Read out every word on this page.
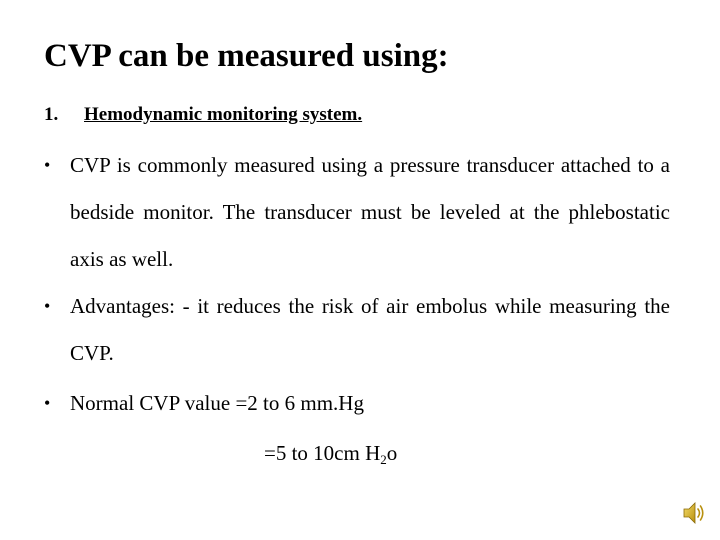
CVP can be measured using:
1. Hemodynamic monitoring system.
• CVP is commonly measured using a pressure transducer attached to a bedside monitor. The transducer must be leveled at the phlebostatic axis as well.
• Advantages: - it reduces the risk of air embolus while measuring the CVP.
• Normal CVP value =2 to 6 mm.Hg
=5 to 10cm $H_2o$
